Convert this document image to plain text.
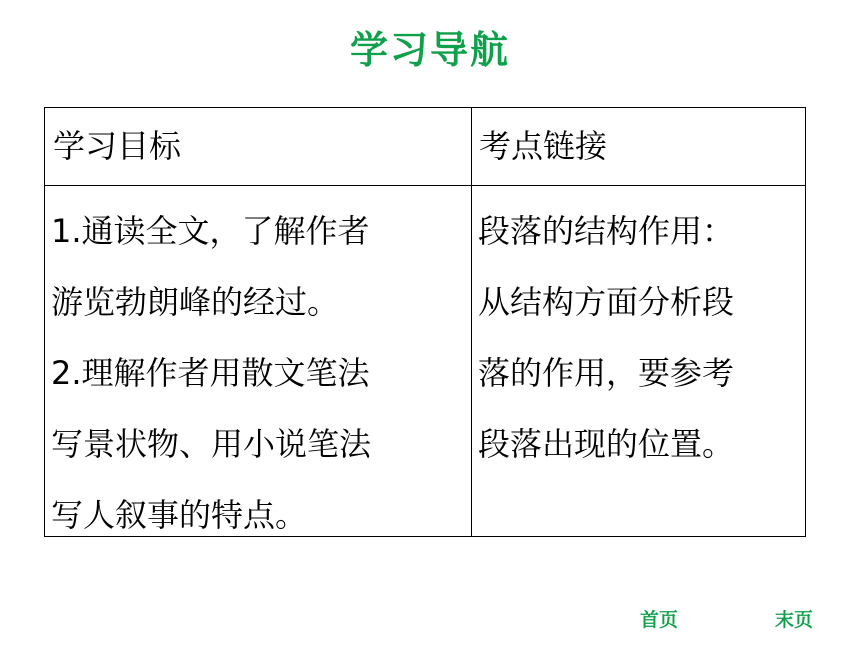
学习导航
学习目标	考点链接
1.通读全文，了解作者
游览勃朗峰的经过。
2.理解作者用散文笔法
写景状物、用小说笔法
写人叙事的特点。
段落的结构作用：
从结构方面分析段
落的作用，要参考
段落出现的位置。
首页	末页
